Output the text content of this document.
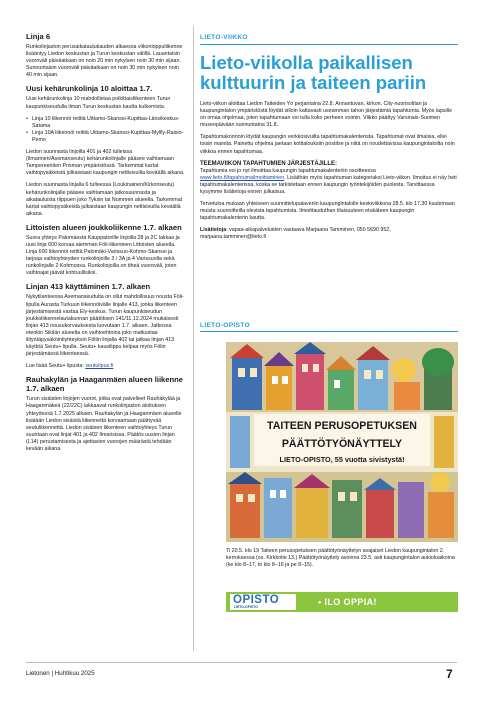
Linja 6

Runkolinjaston perusaikataulukauden alkaessa viikonloppuliikenne lisääntyy Liedon keskustan ja Turun keskustan välillä. Lauantaisin vuoroväli päiväaikaan on noin 20 min nykyisen noin 30 min sijaan. Sunnuntaisin vuoroväli päiväaikaan on noin 30 min nykyisen noin 40 min sijaan.

Uusi kehärunkolinja 10 aloittaa 1.7.

Uusi kehärunkolinja 10 mahdollistaa poikittaisliikenteen Turun kaupunkiseudulla ilman Turun keskustan kautta kulkemista.

• Linja 10 liikennöi reittiä Uittamo-Skanssi-Kupittaa-Länsikeskus-Satama
• Linja 10A liikennöi reittiä Uittamo-Skanssi-Kupittaa-Myllly-Raisio-Pemo

Liedon suunnasta linjoilla 401 ja 402 tulleissa (Ilmarinen/Asemanseutu) kehärunkolinjalle pääsee vaihtamaan Tampereentien Prisman ympäristössä. Tarkemmat kartat vaihtopysäkeistä julkaistaan kaupungin nettisivuilla keväällä aikana.

Liedon suunnasta linjalla 6 tulteessa (Loukinainen/Kirkonseutu) kehärunkolinjalle pääsee vaihtamaan jatkosuunnasta ja aikatauluista riippuen joko Tyksin tai Nummen alueella. Tarkemmat kartat vaihtopysäkeistä julkaistaan kaupungin nettisivuilla keväällä aikana.

Littoisten alueen joukkoliikenne 1.7. alkaen

Suora yhteys Palomäestä Kauppatorille linjoilla 28 ja 2C lakkaa ja uusi linja 600 korvaa aiemman Föli-liikenteen Littoisten alueella. Linja 600 liikennöi reittiä Palomäki-Varissuo-Kohmo-Skanssi ja tarjoaa vaihtoyhteyden runkolinjoille 3 / 3A ja 4 Varissuolla sekä runkolinjalle 2 Kohmossa. Runkolinjoilla on tiheä vuoroväli, joten vaihtoajat jäävät kohtuullisiksi.

Linjan 413 käyttäminen 1.7. alkaen

Nykytilanteessa Asemanseudulta on ollut mahdollisuus nousta Föli-lipulla Aurasta Turkuun liikennöivälle linjalle 413, jonka liikenteen järjestämisestä vastaa Ely-keskus. Turun kaupunkiseudun joukkoliikennelautakunnan päätöksen 141/11.12.2024 mukaisesti linjan 413 nousukorvauksesta luovutaan 1.7. alkaen. Jatkossa etenkin Sikilän alueelta on vaihtoehtoina joko matkustaa liityntäpysäköintiyhteyksin Föliin linjalla 402 tai jatkaa linjan 413 käyttöä Seutu+ lipulla. Seutu+ kausilippu kelpaa myös Fölin järjestämässä liikenteessä.

Lue lisää Seutu+ lipusta: seutulipus.fi

Rauhakylän ja Haaganmäen alueen liikenne 1.7. alkaen

Turun sisäisten linjojen vuorot, jotka ovat palvelleet Rauhakylää ja Haaganmäkeä (22/22C) lakkaavat runkolinjaston aloituksen yhteydessä 1.7.2025 alkaen. Rauhakylän ja Haaganmäen alueelle lisätään Liedon sisäistä liikennettä korvaamaan päättyvää seutuliikennettä. Liedon sisäisen liikenteen vaihtoyhteys Turun suuntaan ovat linjat 401 ja 402 Ilmarisissa. Päätös uusien linjan (L14) perustamisesta ja ajettavien vuorojen määrästä tehdään kevään aikana.

LIETO-VIIKKO
Lieto-viikolla paikallisen kulttuurin ja taiteen pariin

Lieto-viikon aloittaa Liedon Taiteiden Yö perjantaina 22.8. Annantuvan, kirkon, City-nuorisotilan ja kaupungintalon ympäristöstä löydät silloin kattavasti useamman tahon järjestämiä tapahtumia. Myös lapsille on omaa ohjelmaa, joten tapahtumaan voi tulla koko perheen voimin. Viikko päättyy Varsinais-Suomen museopäivään sunnuntaina 31.8..

Tapahtumakonnnin löydät kaupungin verkkosivuilta tapahtumakalenterista. Tapahtumat ovat ilmaisia, ellei toisin mainita. Painettu ohjelma jaetaan kotitalouksiin postitse ja niitä on noudettavissa kaupungintaloilta noin viikkoa ennen tapahtumaa.

TEEMAVIIKON TAPAHTUMIEN JÄRJESTÄJILLE:

Tapahtumia voi jo nyt ilmoittaa kaupungin tapahtumakalenteriin osoitteessa www.lieto.fi/tapahtumailmoittaminen. Lisäithän myös tapahtuman kategoriaksi Lieto-viikon. Ilmoitus ei näy heti tapahtumakalenterissa, koska se tarkistetaan ennen kaupungin työntekijöiden puolesta. Tarvittaessa kysymme lisätietoja ennen julkaisua.

Tervetuloa mukaan yhteiseen suunnittelupalaveriin kaupungintalolle keskiviikkona 28.5. klo 17.30 kuulemaan muista suunnitteilla olevista tapahtumista. Ilmoittauduthan tilaisuuteen etukäteen kaupungin tapahtumakalenterin kautta.

Lisätietoja: vapaa-aikapalveluiden vastaava Marjaana Tamminen, 050 5690 952, marjaana.tamminen@lieto.fi

LIETO-OPISTO
TAITEEN PERUSOPETUKSEN
PÄÄTTÖTYÖNÄYTTELY
LIETO-OPISTO, 55 vuotta sivistystä!
Ti 20.5. klo 19 Taiteen perusopetuksen päättötyönäyttelyn avajaiset Liedon kaupungintalon 2. kerroksessa (os. Kirkkotie 13.) Päättötyönäyttely avoinna 23.5. asti kaupungintalon aukioloaikoina (ke klo 8–17, to klo 8–16 ja pe 8–15).
OPISTO
LIETO-OPISTO	• ILO OPPIA!
Lietonen | Huhtikuu 2025	7
